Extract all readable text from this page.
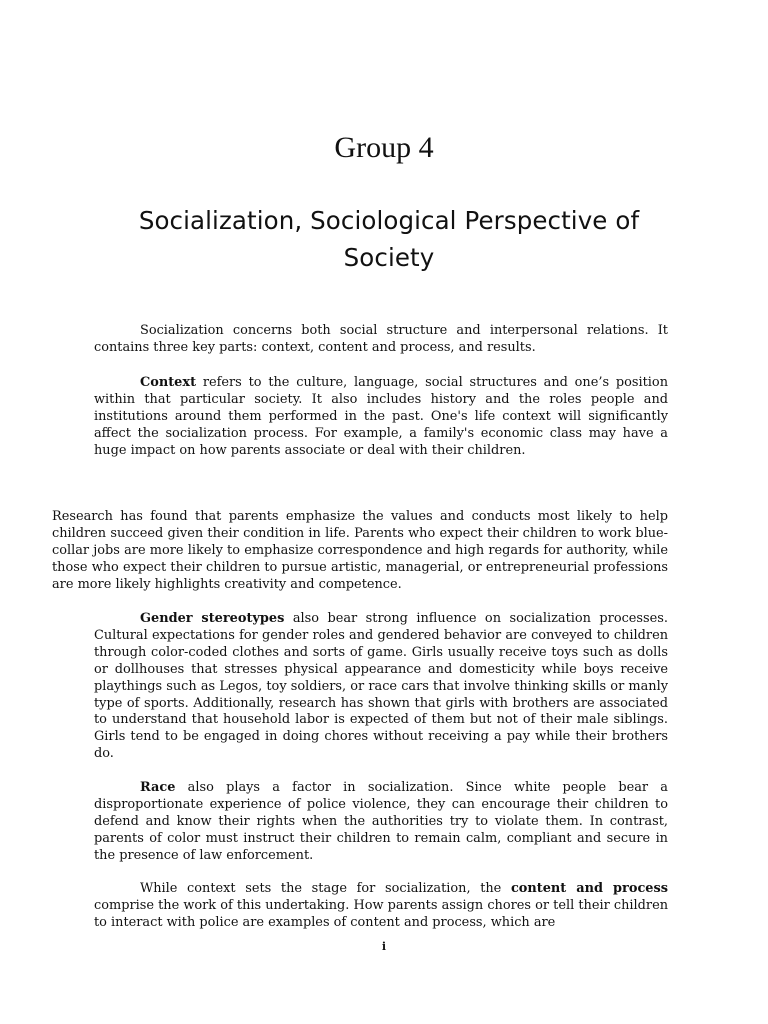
Group 4
Socialization, Sociological Perspective of Society

Socialization concerns both social structure and interpersonal relations. It contains three key parts: context, content and process, and results.

Context refers to the culture, language, social structures and one’s position within that particular society. It also includes history and the roles people and institutions around them performed in the past. One's life context will significantly affect the socialization process. For example, a family's economic class may have a huge impact on how parents associate or deal with their children.

Research has found that parents emphasize the values and conducts most likely to help children succeed given their condition in life. Parents who expect their children to work blue-collar jobs are more likely to emphasize correspondence and high regards for authority, while those who expect their children to pursue artistic, managerial, or entrepreneurial professions are more likely highlights creativity and competence.

Gender stereotypes also bear strong influence on socialization processes. Cultural expectations for gender roles and gendered behavior are conveyed to children through color-coded clothes and sorts of game. Girls usually receive toys such as dolls or dollhouses that stresses physical appearance and domesticity while boys receive playthings such as Legos, toy soldiers, or race cars that involve thinking skills or manly type of sports. Additionally, research has shown that girls with brothers are associated to understand that household labor is expected of them but not of their male siblings. Girls tend to be engaged in doing chores without receiving a pay while their brothers do.

Race also plays a factor in socialization. Since white people bear a disproportionate experience of police violence, they can encourage their children to defend and know their rights when the authorities try to violate them. In contrast, parents of color must instruct their children to remain calm, compliant and secure in the presence of law enforcement.

While context sets the stage for socialization, the content and process comprise the work of this undertaking. How parents assign chores or tell their children to interact with police are examples of content and process, which are

i
